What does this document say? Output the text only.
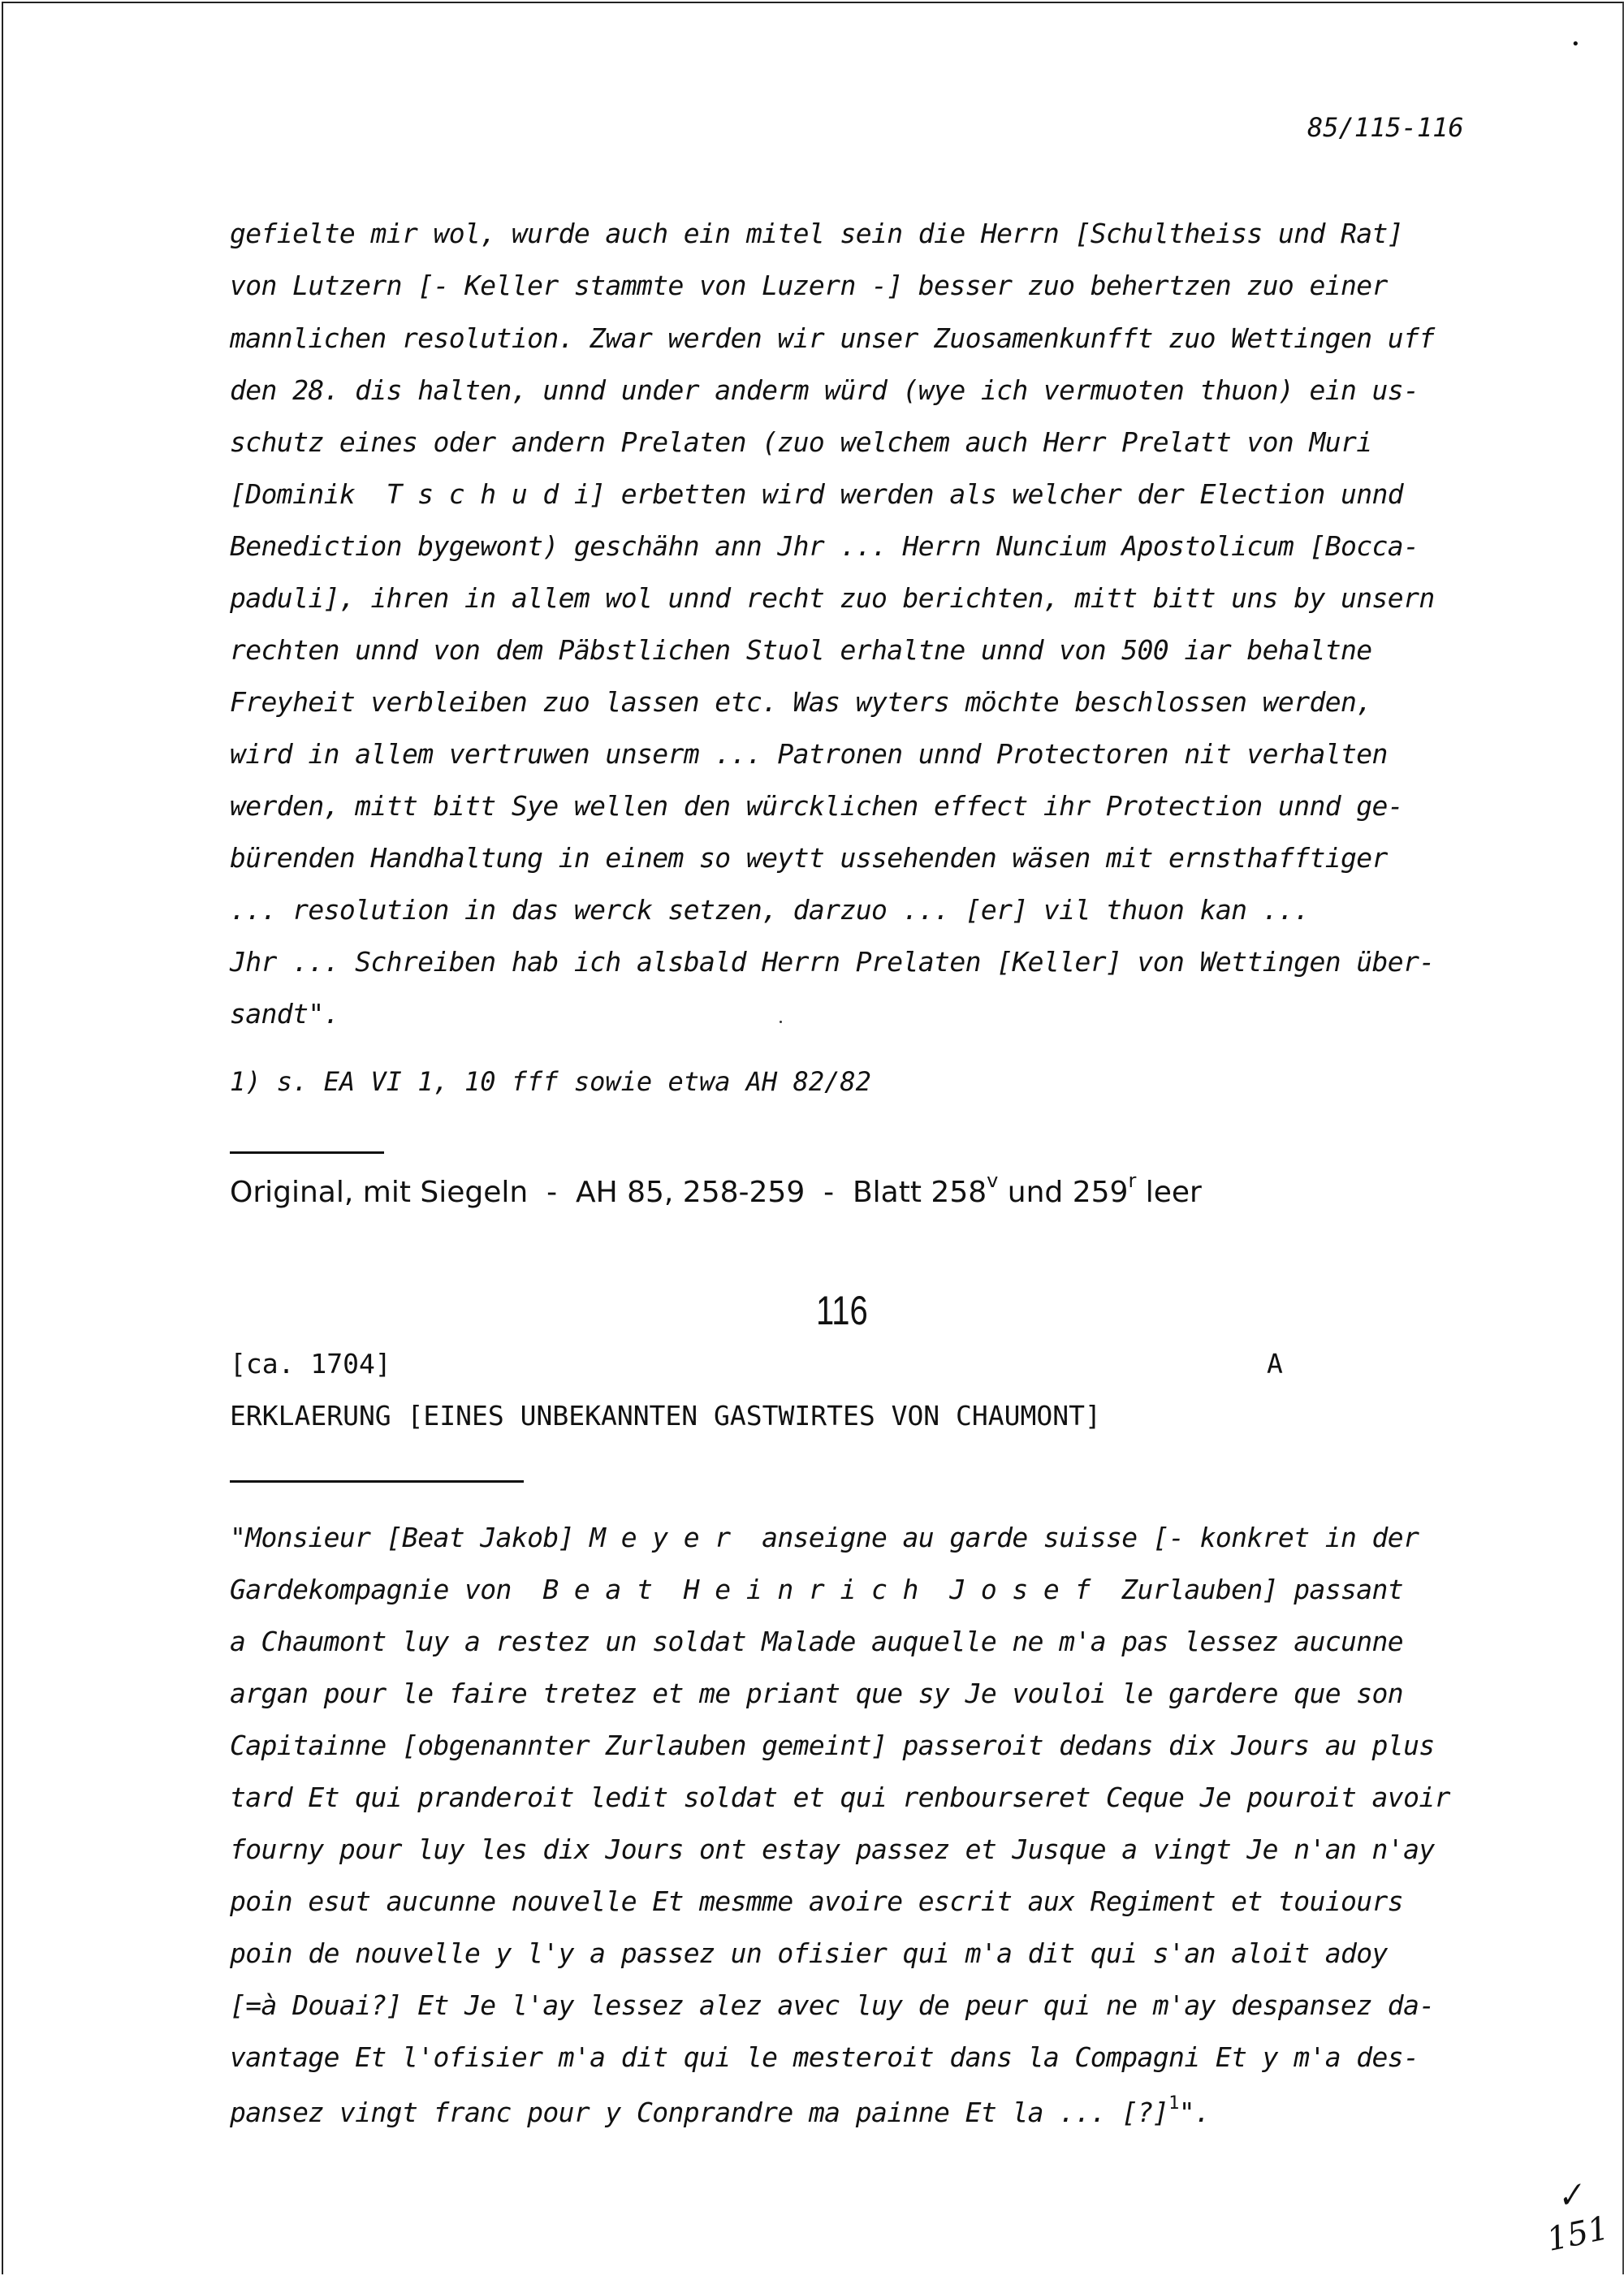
•
85/115-116
gefielte mir wol, wurde auch ein mitel sein die Herrn [Schultheiss und Rat]
von Lutzern [- Keller stammte von Luzern -] besser zuo behertzen zuo einer
mannlichen resolution. Zwar werden wir unser Zuosamenkunfft zuo Wettingen uff
den 28. dis halten, unnd under anderm würd (wye ich vermuoten thuon) ein us-
schutz eines oder andern Prelaten (zuo welchem auch Herr Prelatt von Muri
[Dominik  T s c h u d i] erbetten wird werden als welcher der Election unnd
Benediction bygewont) geschähn ann Jhr ... Herrn Nuncium Apostolicum [Bocca-
paduli], ihren in allem wol unnd recht zuo berichten, mitt bitt uns by unsern
rechten unnd von dem Päbstlichen Stuol erhaltne unnd von 500 iar behaltne
Freyheit verbleiben zuo lassen etc. Was wyters möchte beschlossen werden,
wird in allem vertruwen unserm ... Patronen unnd Protectoren nit verhalten
werden, mitt bitt Sye wellen den würcklichen effect ihr Protection unnd ge-
bürenden Handhaltung in einem so weytt ussehenden wäsen mit ernsthafftiger
... resolution in das werck setzen, darzuo ... [er] vil thuon kan ...
Jhr ... Schreiben hab ich alsbald Herrn Prelaten [Keller] von Wettingen über-
sandt".
1) s. EA VI 1, 10 fff sowie etwa AH 82/82
Original, mit Siegeln  -  AH 85, 258-259  -  Blatt 258$^v$ und 259$^r$ leer
116
[ca. 1704]	A
ERKLAERUNG [EINES UNBEKANNTEN GASTWIRTES VON CHAUMONT]
"Monsieur [Beat Jakob] M e y e r  anseigne au garde suisse [- konkret in der
Gardekompagnie von  B e a t  H e i n r i c h  J o s e f  Zurlauben] passant
a Chaumont luy a restez un soldat Malade auquelle ne m'a pas lessez aucunne
argan pour le faire tretez et me priant que sy Je vouloi le gardere que son
Capitainne [obgenannter Zurlauben gemeint] passeroit dedans dix Jours au plus
tard Et qui pranderoit ledit soldat et qui renbourseret Ceque Je pouroit avoir
fourny pour luy les dix Jours ont estay passez et Jusque a vingt Je n'an n'ay
poin esut aucunne nouvelle Et mesmme avoire escrit aux Regiment et touiours
poin de nouvelle y l'y a passez un ofisier qui m'a dit qui s'an aloit adoy
[=à Douai?] Et Je l'ay lessez alez avec luy de peur qui ne m'ay despansez da-
vantage Et l'ofisier m'a dit qui le mesteroit dans la Compagni Et y m'a des-
pansez vingt franc pour y Conprandre ma painne Et la ... [?]$^1$".
✓
151
